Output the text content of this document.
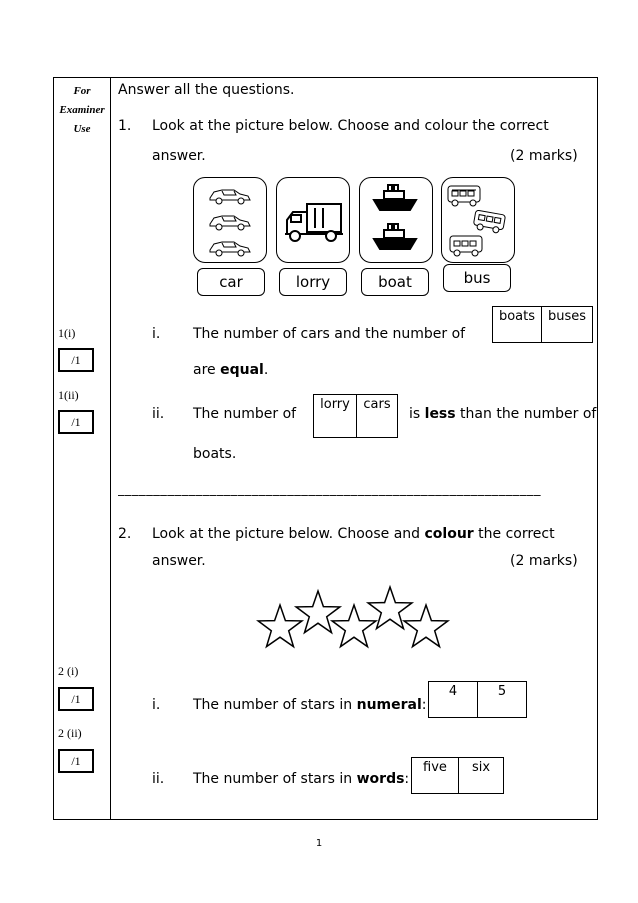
For
Examiner
Use
1(i)
/1
1(ii)
/1
2 (i)
/1
2 (ii)
/1
Answer all the questions.
1. Look at the picture below. Choose and colour the correct
answer.	(2 marks)
car	lorry	boat	bus
i. The number of cars and the number of
boats	buses
are equal.
ii. The number of
lorry	cars
is less than the number of
boats.
____________________________________________________________
2. Look at the picture below. Choose and colour the correct
answer.	(2 marks)
i. The number of stars in numeral:
4	5
ii. The number of stars in words:
five	six
1
